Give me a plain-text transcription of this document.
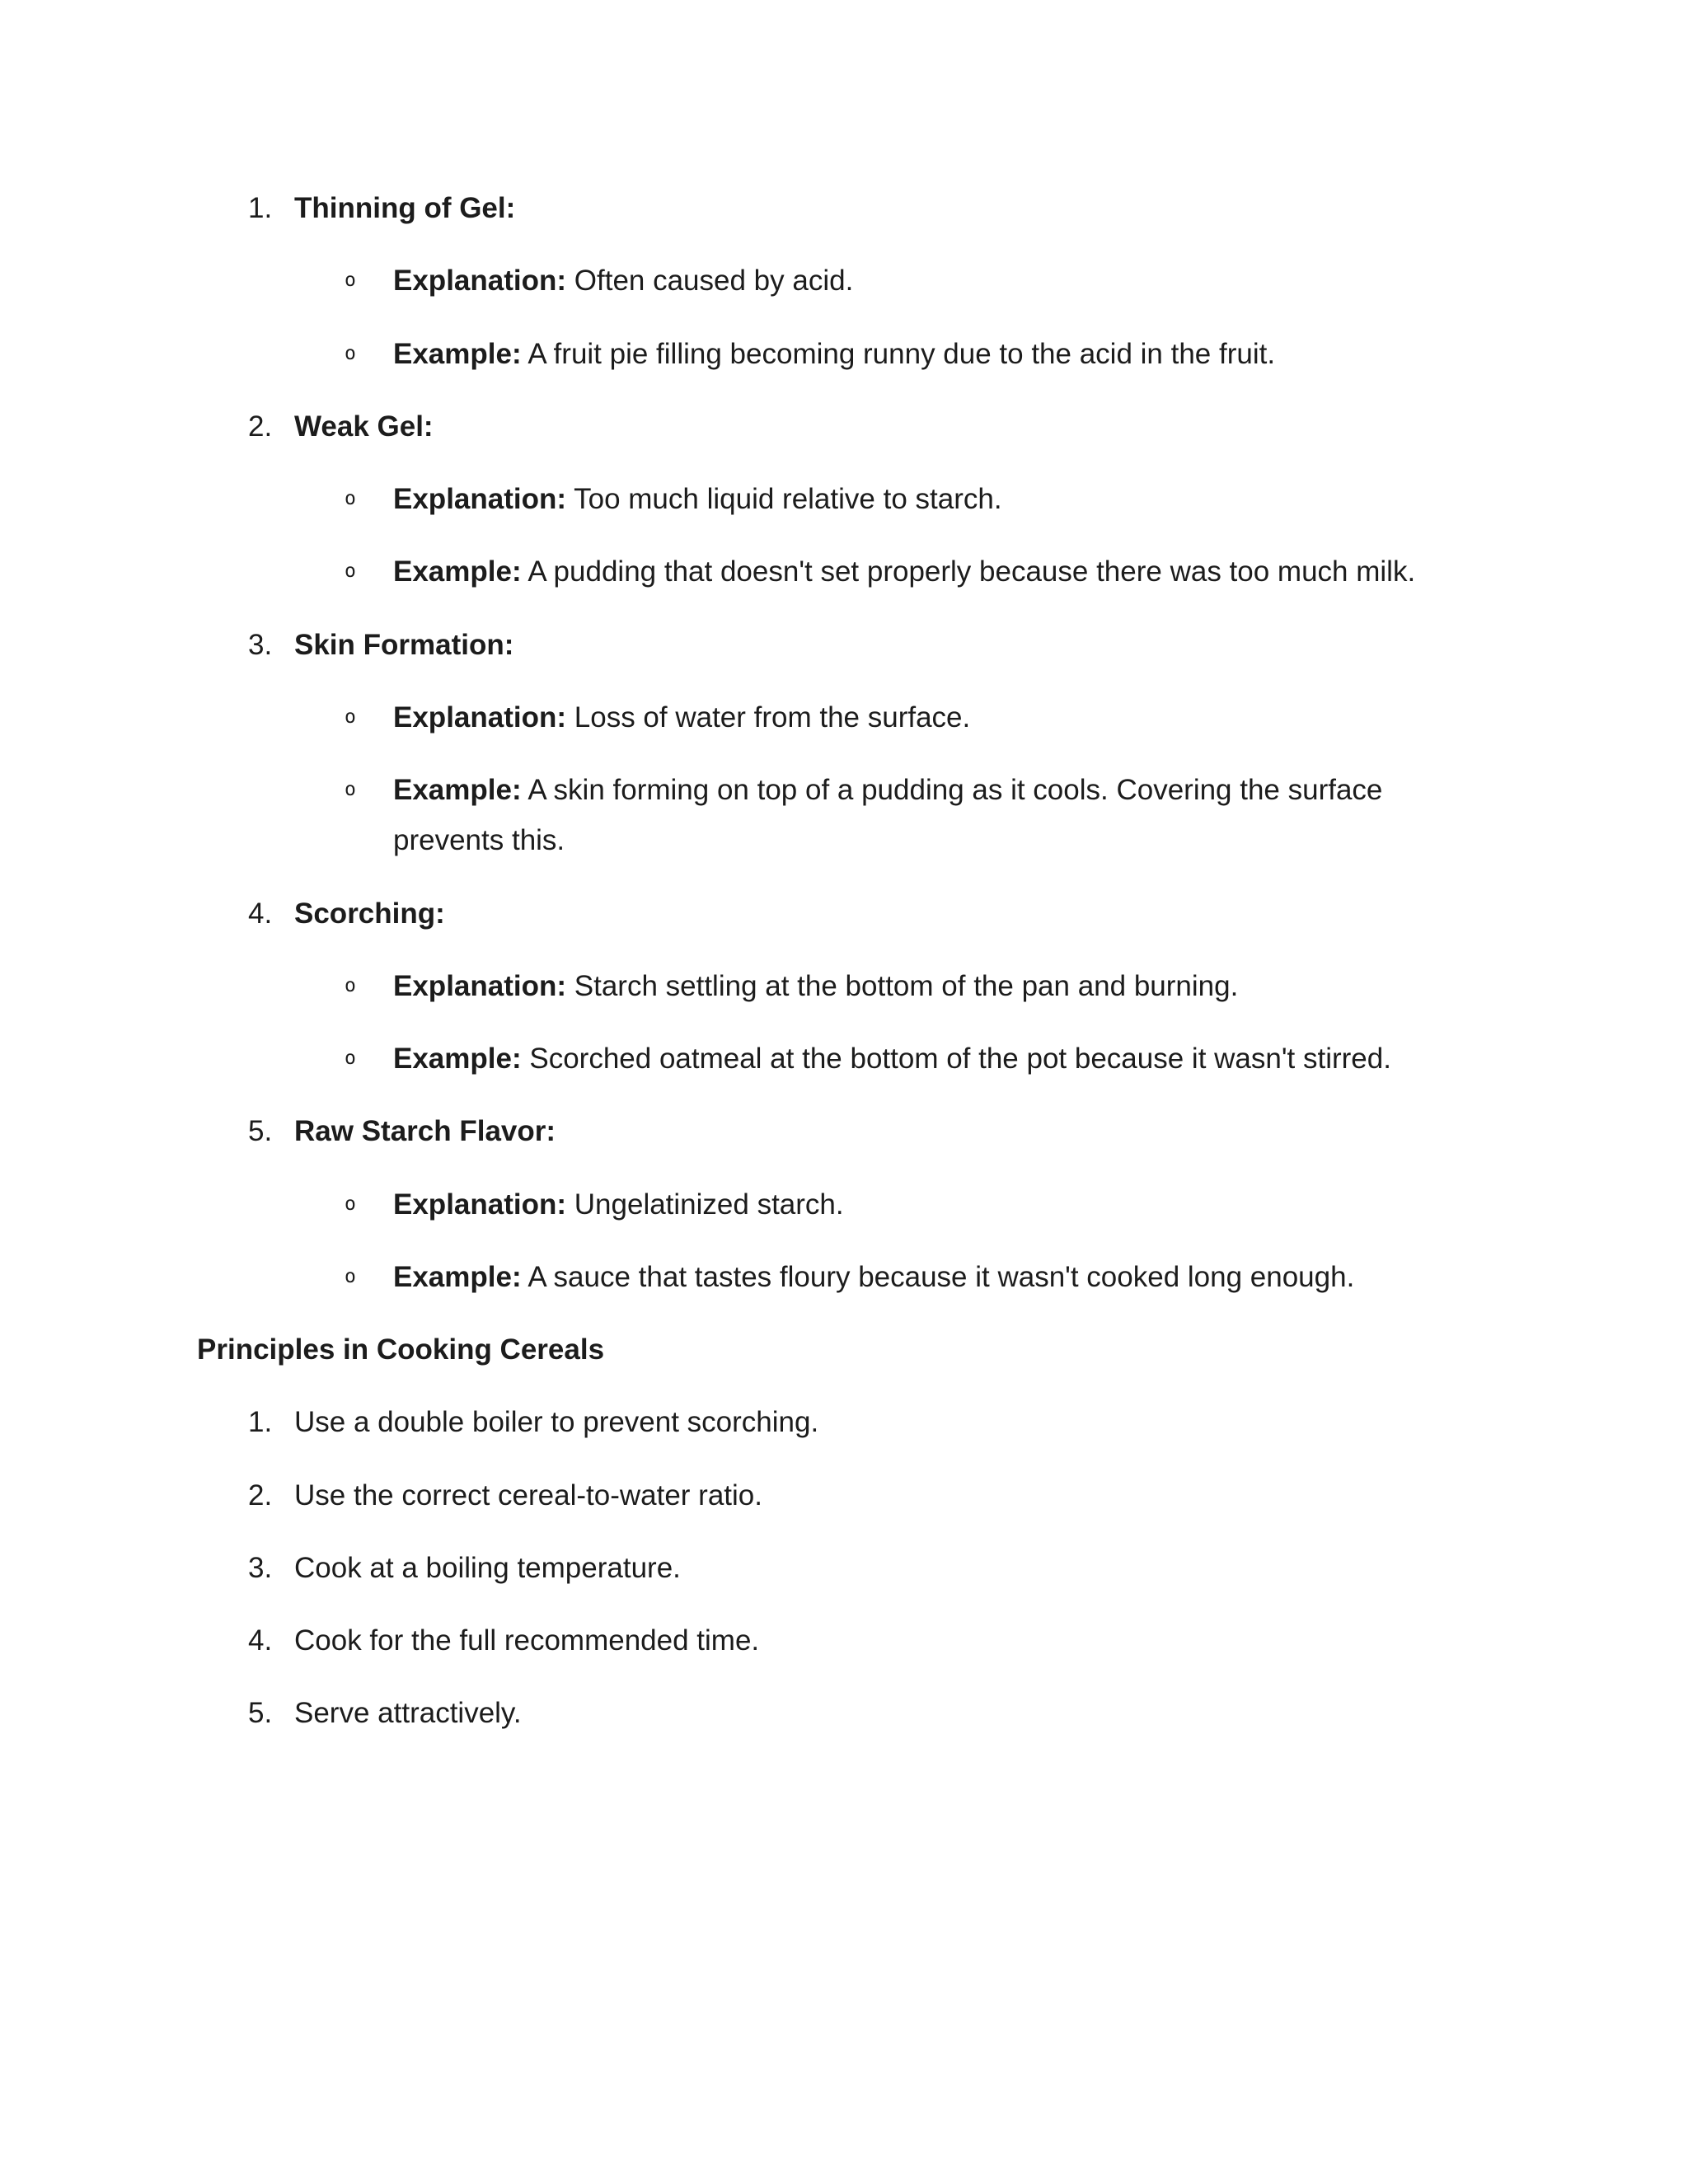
1. Thinning of Gel:
o	Explanation: Often caused by acid.
o	Example: A fruit pie filling becoming runny due to the acid in the fruit.
2. Weak Gel:
o	Explanation: Too much liquid relative to starch.
o	Example: A pudding that doesn't set properly because there was too much milk.
3. Skin Formation:
o	Explanation: Loss of water from the surface.
o	Example: A skin forming on top of a pudding as it cools. Covering the surface prevents this.
4. Scorching:
o	Explanation: Starch settling at the bottom of the pan and burning.
o	Example: Scorched oatmeal at the bottom of the pot because it wasn't stirred.
5. Raw Starch Flavor:
o	Explanation: Ungelatinized starch.
o	Example: A sauce that tastes floury because it wasn't cooked long enough.
Principles in Cooking Cereals
1. Use a double boiler to prevent scorching.
2. Use the correct cereal-to-water ratio.
3. Cook at a boiling temperature.
4. Cook for the full recommended time.
5. Serve attractively.
